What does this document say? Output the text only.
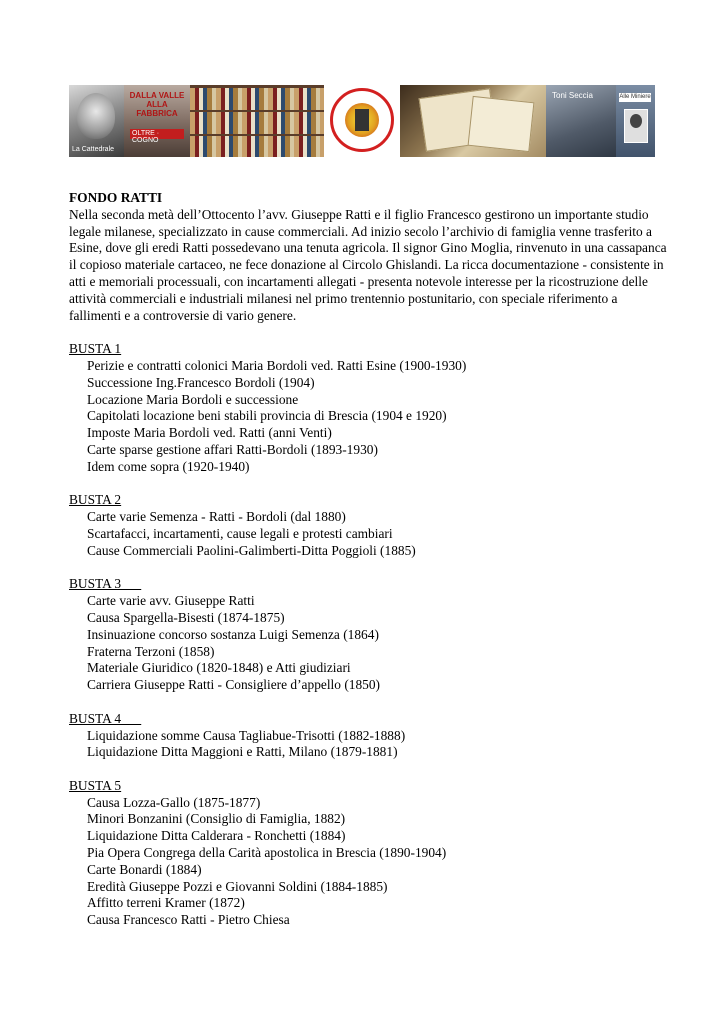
La Cattedrale
DALLA VALLE ALLA FABBRICA
OLTRE · COGNO
Toni Seccia	Alle Miniere

FONDO RATTI

Nella seconda metà dell’Ottocento l’avv. Giuseppe Ratti e il figlio Francesco gestirono un importante studio legale milanese, specializzato in cause commerciali. Ad inizio secolo l’archivio di famiglia venne trasferito a Esine, dove gli eredi Ratti possedevano una tenuta agricola. Il signor Gino Moglia, rinvenuto in una cassapanca il copioso materiale cartaceo, ne fece donazione al Circolo Ghislandi. La ricca documentazione - consistente in atti e memoriali processuali, con incartamenti allegati - presenta notevole interesse per la ricostruzione delle attività commerciali e industriali milanesi nel primo trentennio postunitario, con speciale riferimento a fallimenti e a controversie di vario genere.

BUSTA 1

Perizie e contratti colonici Maria Bordoli ved. Ratti Esine (1900-1930)
Successione Ing.Francesco Bordoli (1904)
Locazione Maria Bordoli e successione
Capitolati locazione beni stabili provincia di Brescia (1904 e 1920)
Imposte Maria Bordoli ved. Ratti (anni Venti)
Carte sparse gestione affari Ratti-Bordoli (1893-1930)
Idem come sopra (1920-1940)

BUSTA 2

Carte varie Semenza - Ratti - Bordoli (dal 1880)
Scartafacci, incartamenti, cause legali e protesti cambiari
Cause Commerciali Paolini-Galimberti-Ditta Poggioli (1885)

BUSTA 3

Carte varie avv. Giuseppe Ratti
Causa Spargella-Bisesti (1874-1875)
Insinuazione concorso sostanza Luigi Semenza (1864)
Fraterna Terzoni (1858)
Materiale Giuridico (1820-1848) e Atti giudiziari
Carriera Giuseppe Ratti - Consigliere d’appello (1850)

BUSTA 4

Liquidazione somme Causa Tagliabue-Trisotti (1882-1888)
Liquidazione Ditta Maggioni e Ratti, Milano (1879-1881)

BUSTA 5

Causa Lozza-Gallo (1875-1877)
Minori Bonzanini (Consiglio di Famiglia, 1882)
Liquidazione Ditta Calderara - Ronchetti (1884)
Pia Opera Congrega della Carità apostolica in Brescia (1890-1904)
Carte Bonardi (1884)
Eredità Giuseppe Pozzi e Giovanni Soldini (1884-1885)
Affitto terreni Kramer (1872)
Causa Francesco Ratti - Pietro Chiesa
